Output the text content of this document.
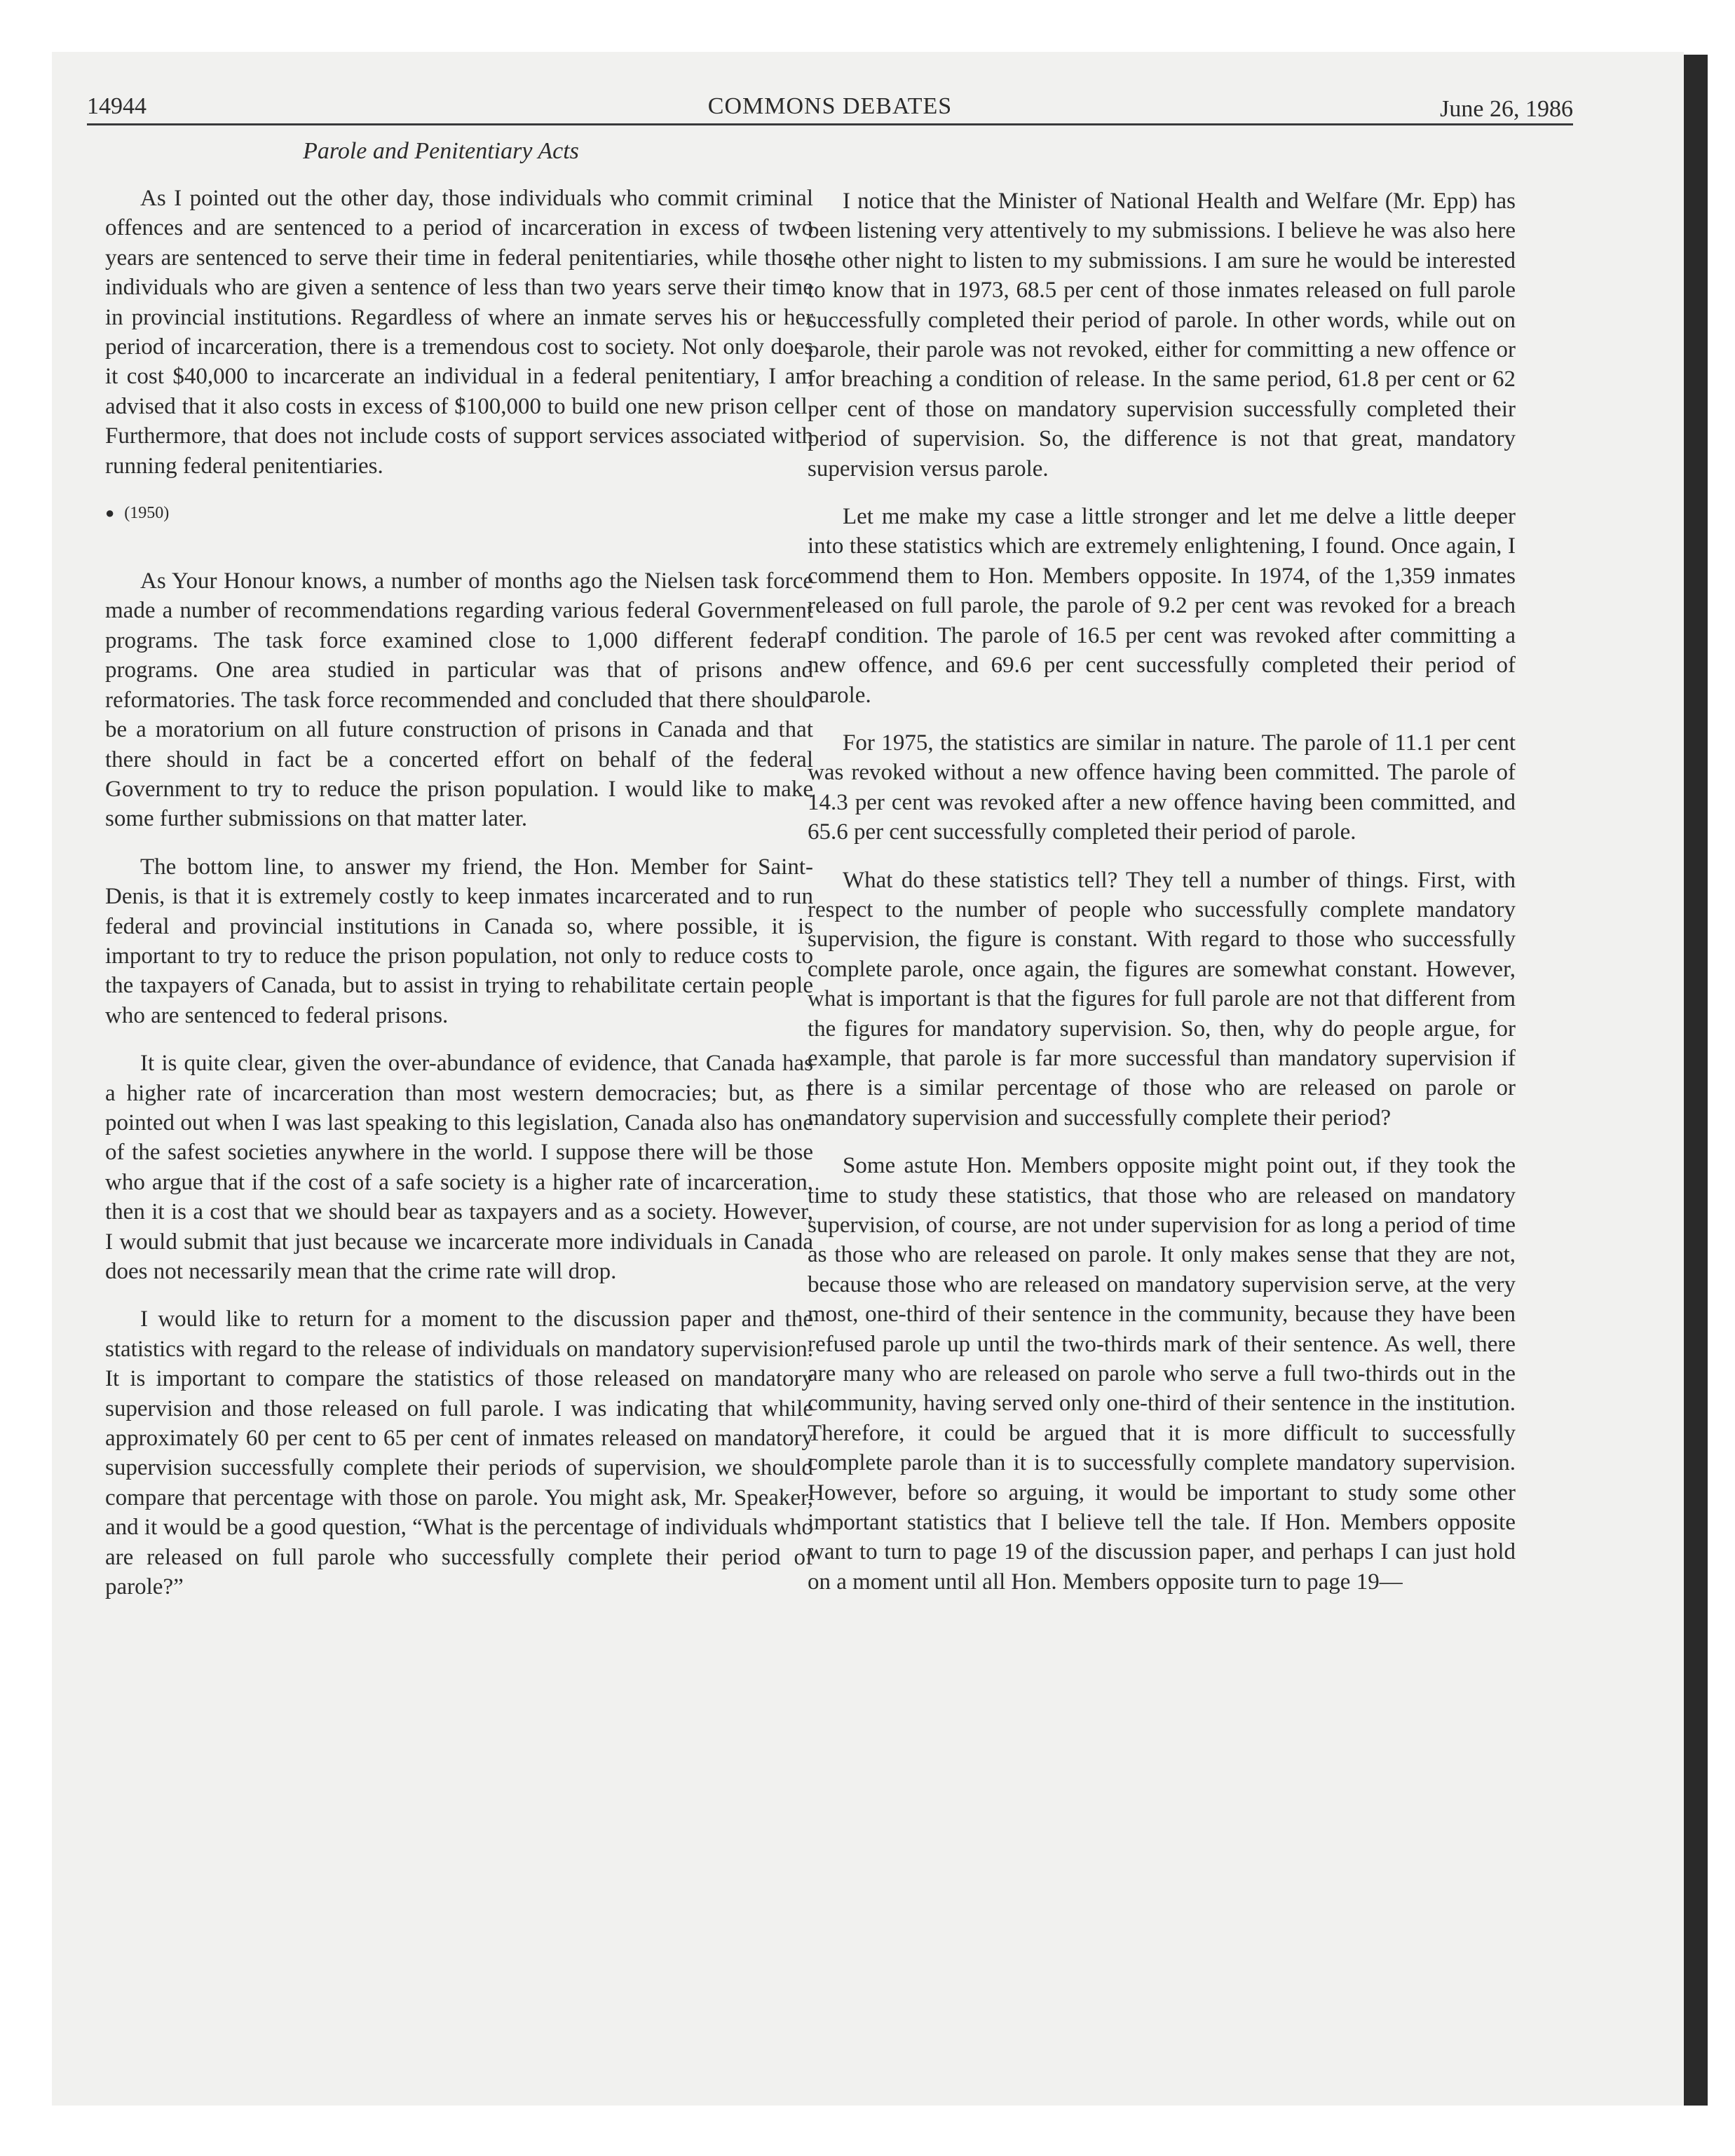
14944	COMMONS DEBATES	June 26, 1986
Parole and Penitentiary Acts

As I pointed out the other day, those individuals who commit criminal offences and are sentenced to a period of incarceration in excess of two years are sentenced to serve their time in federal penitentiaries, while those individuals who are given a sentence of less than two years serve their time in provincial institutions. Regardless of where an inmate serves his or her period of incarceration, there is a tremendous cost to society. Not only does it cost $40,000 to incarcerate an individual in a federal penitentiary, I am advised that it also costs in excess of $100,000 to build one new prison cell. Furthermore, that does not include costs of support services associated with running federal penitentiaries.

● (1950)

As Your Honour knows, a number of months ago the Nielsen task force made a number of recommendations regarding various federal Government programs. The task force examined close to 1,000 different federal programs. One area studied in particular was that of prisons and reformatories. The task force recommended and concluded that there should be a moratorium on all future construction of prisons in Canada and that there should in fact be a concerted effort on behalf of the federal Government to try to reduce the prison population. I would like to make some further submissions on that matter later.

The bottom line, to answer my friend, the Hon. Member for Saint-Denis, is that it is extremely costly to keep inmates incarcerated and to run federal and provincial institutions in Canada so, where possible, it is important to try to reduce the prison population, not only to reduce costs to the taxpayers of Canada, but to assist in trying to rehabilitate certain people who are sentenced to federal prisons.

It is quite clear, given the over-abundance of evidence, that Canada has a higher rate of incarceration than most western democracies; but, as I pointed out when I was last speaking to this legislation, Canada also has one of the safest societies anywhere in the world. I suppose there will be those who argue that if the cost of a safe society is a higher rate of incarceration, then it is a cost that we should bear as taxpayers and as a society. However, I would submit that just because we incarcerate more individuals in Canada does not necessarily mean that the crime rate will drop.

I would like to return for a moment to the discussion paper and the statistics with regard to the release of individuals on mandatory supervision. It is important to compare the statistics of those released on mandatory supervision and those released on full parole. I was indicating that while approximately 60 per cent to 65 per cent of inmates released on mandatory supervision successfully complete their periods of supervision, we should compare that percentage with those on parole. You might ask, Mr. Speaker, and it would be a good question, “What is the percentage of individuals who are released on full parole who successfully complete their period of parole?”

I notice that the Minister of National Health and Welfare (Mr. Epp) has been listening very attentively to my submissions. I believe he was also here the other night to listen to my submissions. I am sure he would be interested to know that in 1973, 68.5 per cent of those inmates released on full parole successfully completed their period of parole. In other words, while out on parole, their parole was not revoked, either for committing a new offence or for breaching a condition of release. In the same period, 61.8 per cent or 62 per cent of those on mandatory supervision successfully completed their period of supervision. So, the difference is not that great, mandatory supervision versus parole.

Let me make my case a little stronger and let me delve a little deeper into these statistics which are extremely enlightening, I found. Once again, I commend them to Hon. Members opposite. In 1974, of the 1,359 inmates released on full parole, the parole of 9.2 per cent was revoked for a breach of condition. The parole of 16.5 per cent was revoked after committing a new offence, and 69.6 per cent successfully completed their period of parole.

For 1975, the statistics are similar in nature. The parole of 11.1 per cent was revoked without a new offence having been committed. The parole of 14.3 per cent was revoked after a new offence having been committed, and 65.6 per cent successfully completed their period of parole.

What do these statistics tell? They tell a number of things. First, with respect to the number of people who successfully complete mandatory supervision, the figure is constant. With regard to those who successfully complete parole, once again, the figures are somewhat constant. However, what is important is that the figures for full parole are not that different from the figures for mandatory supervision. So, then, why do people argue, for example, that parole is far more successful than mandatory supervision if there is a similar percentage of those who are released on parole or mandatory supervision and successfully complete their period?

Some astute Hon. Members opposite might point out, if they took the time to study these statistics, that those who are released on mandatory supervision, of course, are not under supervision for as long a period of time as those who are released on parole. It only makes sense that they are not, because those who are released on mandatory supervision serve, at the very most, one-third of their sentence in the community, because they have been refused parole up until the two-thirds mark of their sentence. As well, there are many who are released on parole who serve a full two-thirds out in the community, having served only one-third of their sentence in the institution. Therefore, it could be argued that it is more difficult to successfully complete parole than it is to successfully complete mandatory supervision. However, before so arguing, it would be important to study some other important statistics that I believe tell the tale. If Hon. Members opposite want to turn to page 19 of the discussion paper, and perhaps I can just hold on a moment until all Hon. Members opposite turn to page 19—
